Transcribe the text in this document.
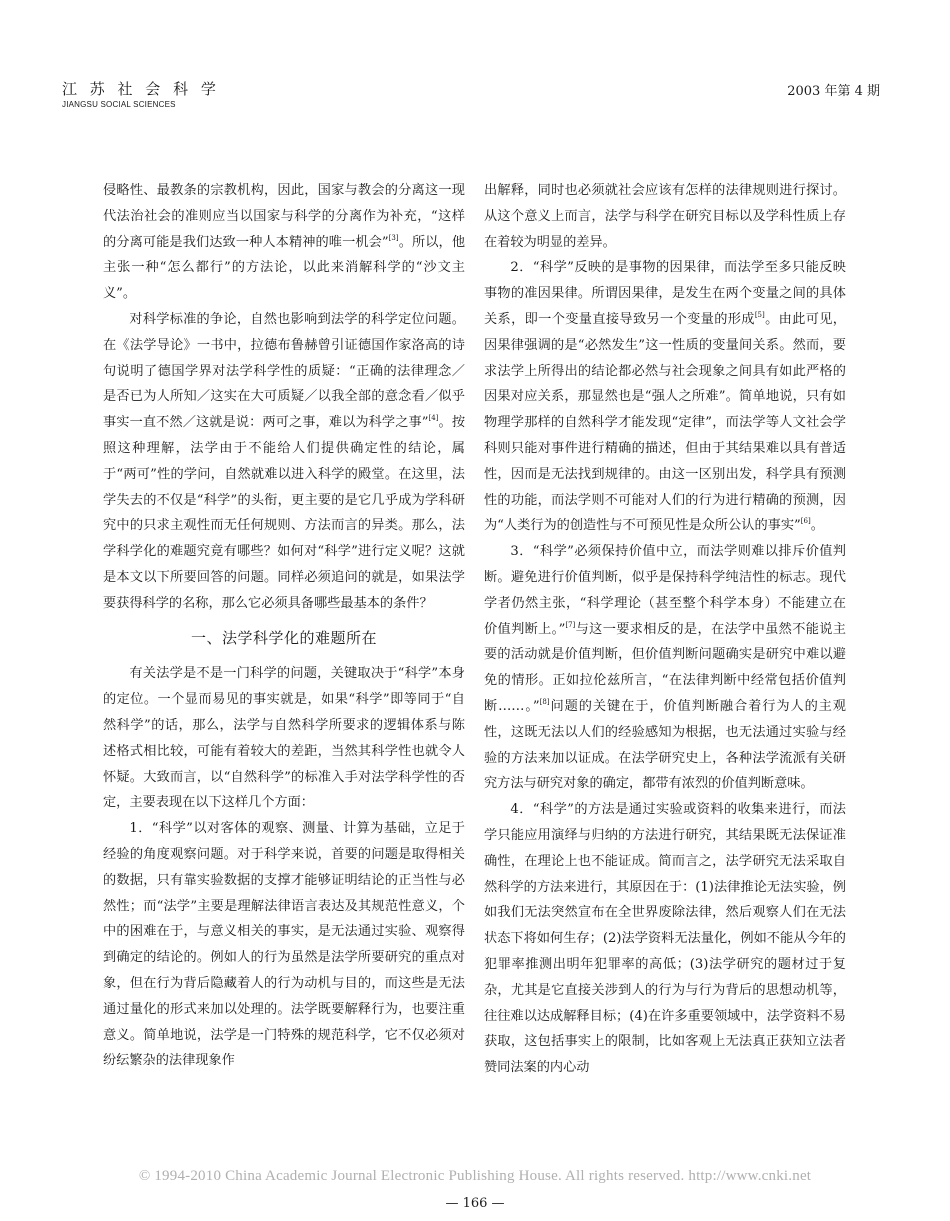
江 苏 社 会 科 学
JIANGSU SOCIAL SCIENCES
2003 年第 4 期

侵略性、最教条的宗教机构，因此，国家与教会的分离这一现代法治社会的准则应当以国家与科学的分离作为补充，“这样的分离可能是我们达致一种人本精神的唯一机会”[3]。所以，他主张一种“怎么都行”的方法论，以此来消解科学的“沙文主义”。

对科学标准的争论，自然也影响到法学的科学定位问题。在《法学导论》一书中，拉德布鲁赫曾引证德国作家洛高的诗句说明了德国学界对法学科学性的质疑：“正确的法律理念／是否已为人所知／这实在大可质疑／以我全部的意念看／似乎事实一直不然／这就是说：两可之事，难以为科学之事”[4]。按照这种理解，法学由于不能给人们提供确定性的结论，属于“两可”性的学问，自然就难以进入科学的殿堂。在这里，法学失去的不仅是“科学”的头衔，更主要的是它几乎成为学科研究中的只求主观性而无任何规则、方法而言的异类。那么，法学科学化的难题究竟有哪些？如何对“科学”进行定义呢？这就是本文以下所要回答的问题。同样必须追问的就是，如果法学要获得科学的名称，那么它必须具备哪些最基本的条件？

一、法学科学化的难题所在

有关法学是不是一门科学的问题，关键取决于“科学”本身的定位。一个显而易见的事实就是，如果“科学”即等同于“自然科学”的话，那么，法学与自然科学所要求的逻辑体系与陈述格式相比较，可能有着较大的差距，当然其科学性也就令人怀疑。大致而言，以“自然科学”的标准入手对法学科学性的否定，主要表现在以下这样几个方面：

1．“科学”以对客体的观察、测量、计算为基础，立足于经验的角度观察问题。对于科学来说，首要的问题是取得相关的数据，只有靠实验数据的支撑才能够证明结论的正当性与必然性；而“法学”主要是理解法律语言表达及其规范性意义，个中的困难在于，与意义相关的事实，是无法通过实验、观察得到确定的结论的。例如人的行为虽然是法学所要研究的重点对象，但在行为背后隐藏着人的行为动机与目的，而这些是无法通过量化的形式来加以处理的。法学既要解释行为，也要注重意义。简单地说，法学是一门特殊的规范科学，它不仅必须对纷纭繁杂的法律现象作

出解释，同时也必须就社会应该有怎样的法律规则进行探讨。从这个意义上而言，法学与科学在研究目标以及学科性质上存在着较为明显的差异。

2．“科学”反映的是事物的因果律，而法学至多只能反映事物的准因果律。所谓因果律，是发生在两个变量之间的具体关系，即一个变量直接导致另一个变量的形成[5]。由此可见，因果律强调的是“必然发生”这一性质的变量间关系。然而，要求法学上所得出的结论都必然与社会现象之间具有如此严格的因果对应关系，那显然也是“强人之所难”。简单地说，只有如物理学那样的自然科学才能发现“定律”，而法学等人文社会学科则只能对事件进行精确的描述，但由于其结果难以具有普适性，因而是无法找到规律的。由这一区别出发，科学具有预测性的功能，而法学则不可能对人们的行为进行精确的预测，因为“人类行为的创造性与不可预见性是众所公认的事实”[6]。

3．“科学”必须保持价值中立，而法学则难以排斥价值判断。避免进行价值判断，似乎是保持科学纯洁性的标志。现代学者仍然主张，“科学理论（甚至整个科学本身）不能建立在价值判断上。”[7]与这一要求相反的是，在法学中虽然不能说主要的活动就是价值判断，但价值判断问题确实是研究中难以避免的情形。正如拉伦兹所言，“在法律判断中经常包括价值判断……。”[8]问题的关键在于，价值判断融合着行为人的主观性，这既无法以人们的经验感知为根据，也无法通过实验与经验的方法来加以证成。在法学研究史上，各种法学流派有关研究方法与研究对象的确定，都带有浓烈的价值判断意味。

4．“科学”的方法是通过实验或资料的收集来进行，而法学只能应用演绎与归纳的方法进行研究，其结果既无法保证准确性，在理论上也不能证成。简而言之，法学研究无法采取自然科学的方法来进行，其原因在于：(1)法律推论无法实验，例如我们无法突然宣布在全世界废除法律，然后观察人们在无法状态下将如何生存；(2)法学资料无法量化，例如不能从今年的犯罪率推测出明年犯罪率的高低；(3)法学研究的题材过于复杂，尤其是它直接关涉到人的行为与行为背后的思想动机等，往往难以达成解释目标；(4)在许多重要领域中，法学资料不易获取，这包括事实上的限制，比如客观上无法真正获知立法者赞同法案的内心动

© 1994-2010 China Academic Journal Electronic Publishing House. All rights reserved. http://www.cnki.net
— 166 —
